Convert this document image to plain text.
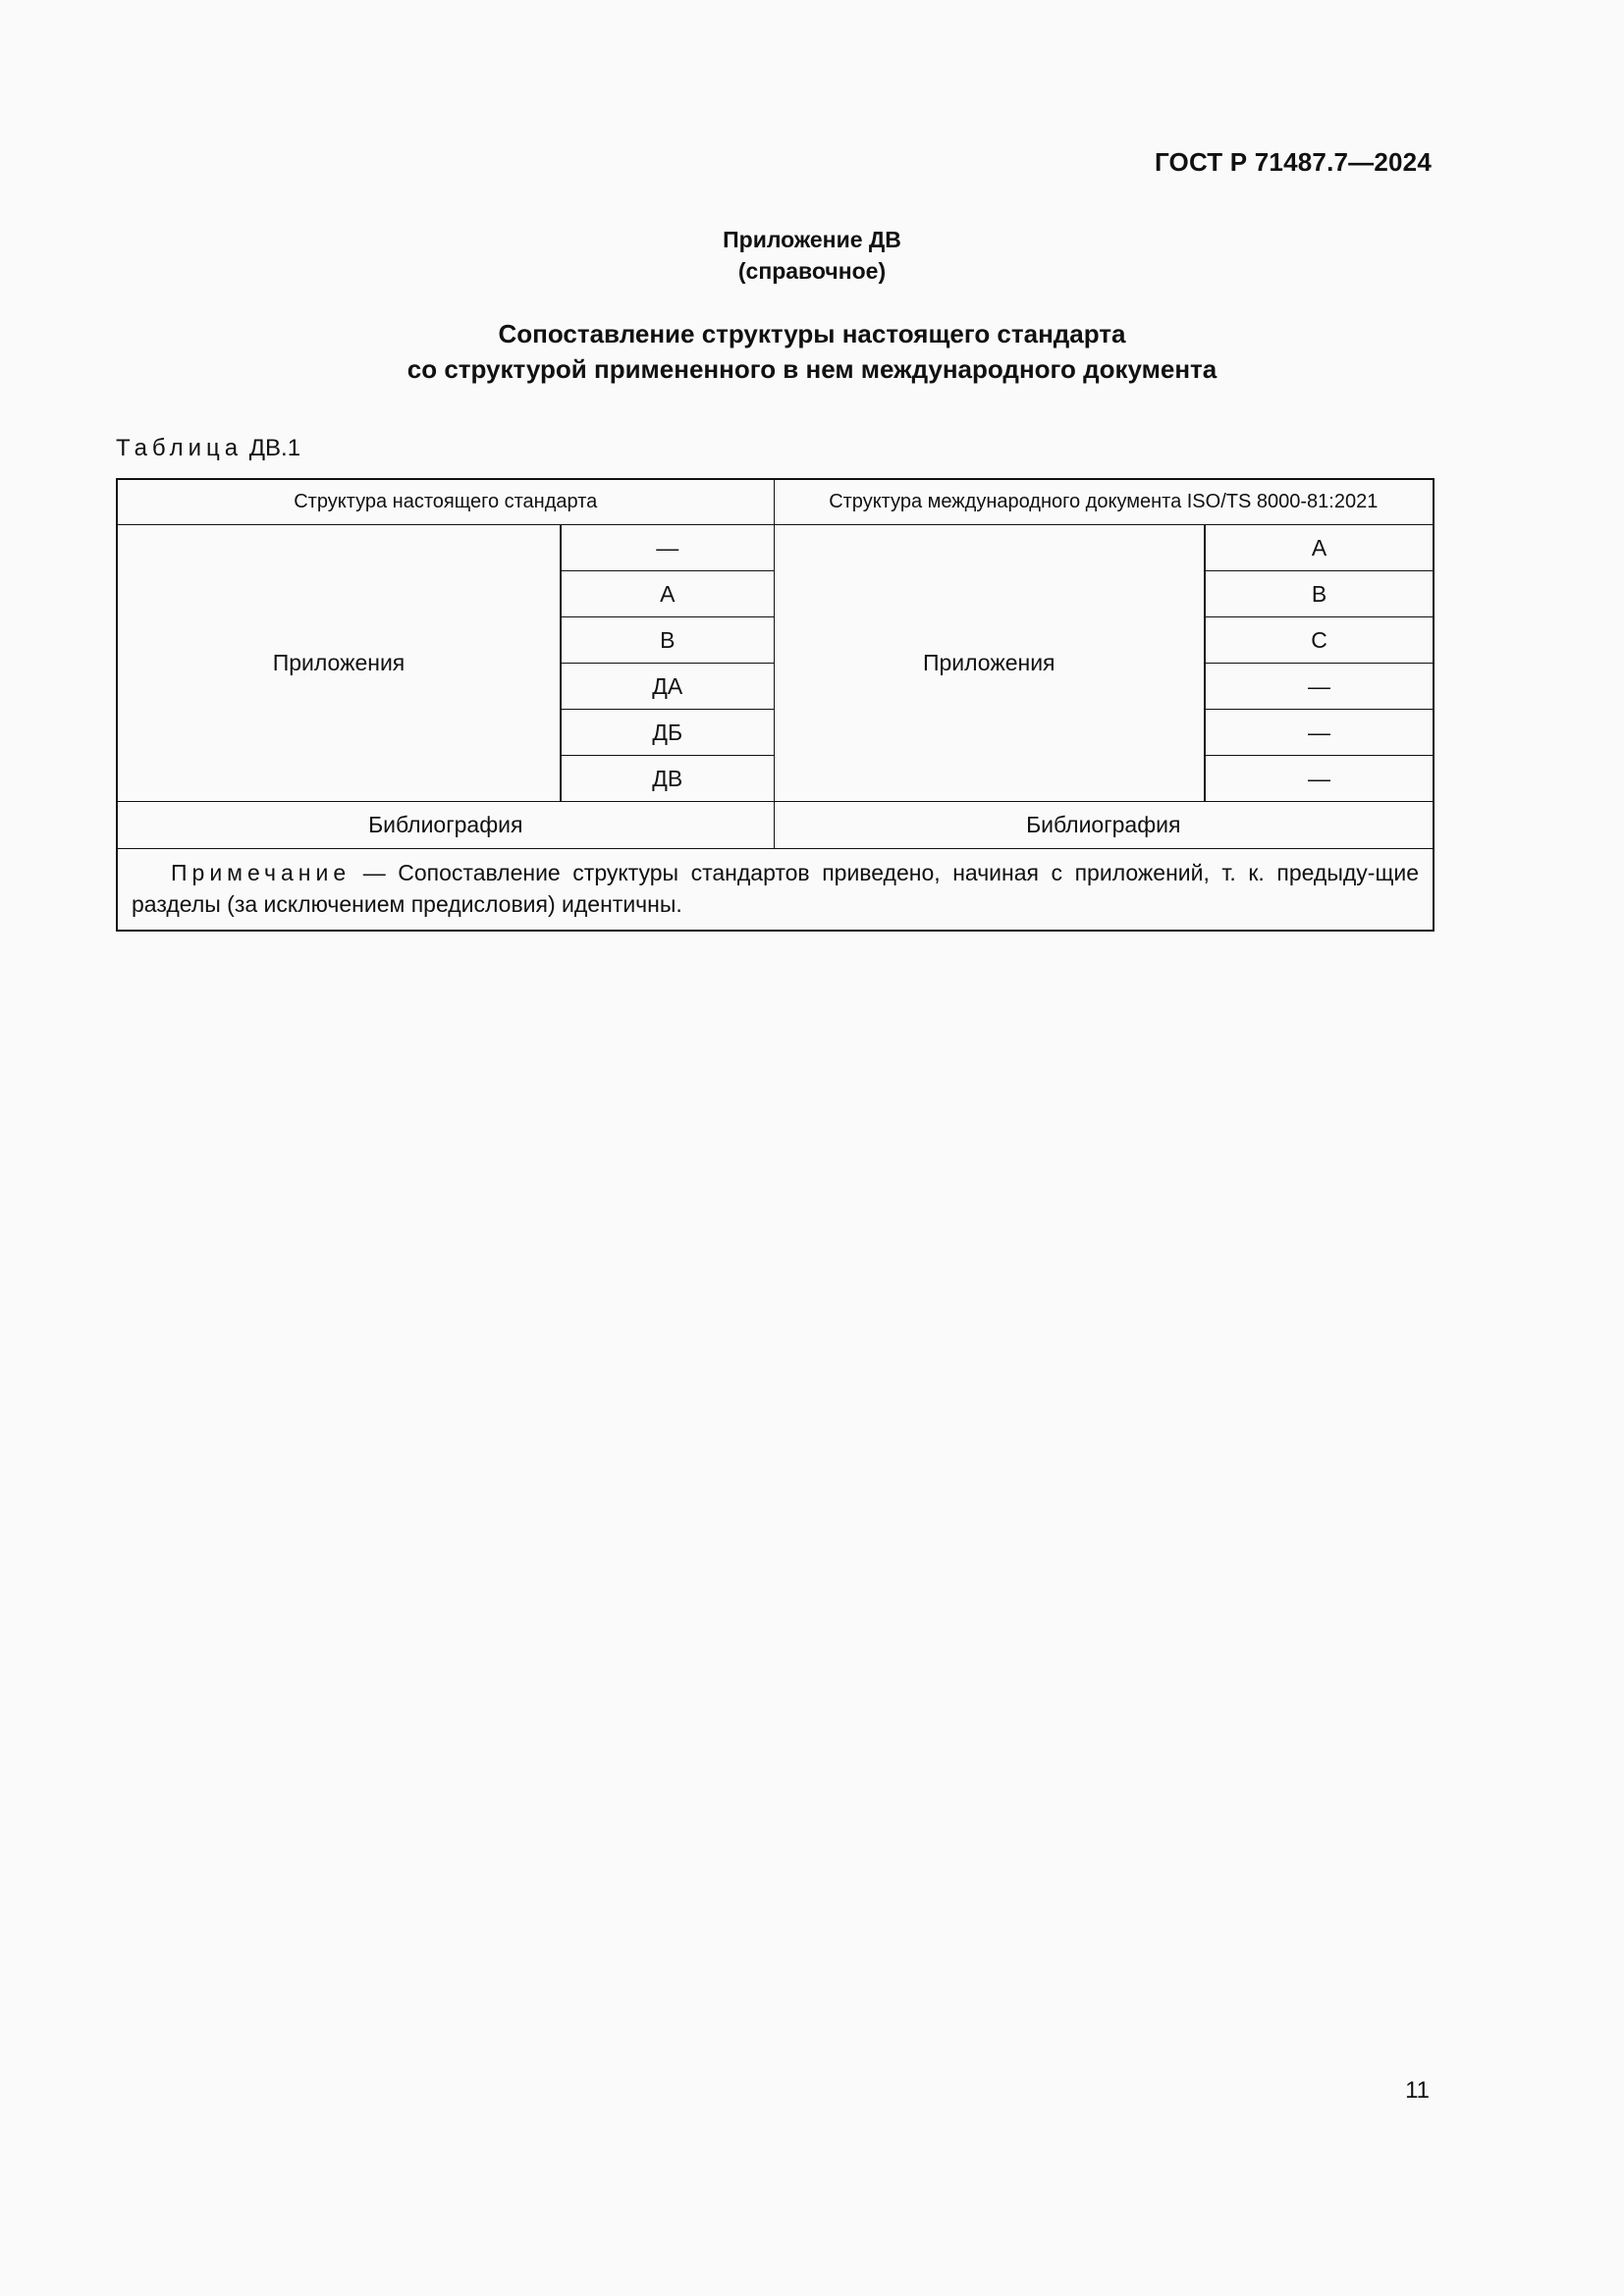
ГОСТ Р 71487.7—2024
Приложение ДВ
(справочное)
Сопоставление структуры настоящего стандарта
со структурой примененного в нем международного документа
Таблица ДВ.1
Структура настоящего стандарта		Структура международного документа ISO/TS 8000-81:2021	
Приложения	—	Приложения	A
	А		B
	В		C
	ДА		—
	ДБ		—
	ДВ		—
Библиография		Библиография	
Примечание — Сопоставление структуры стандартов приведено, начиная с приложений, т. к. предыду-щие разделы (за исключением предисловия) идентичны.			
11
